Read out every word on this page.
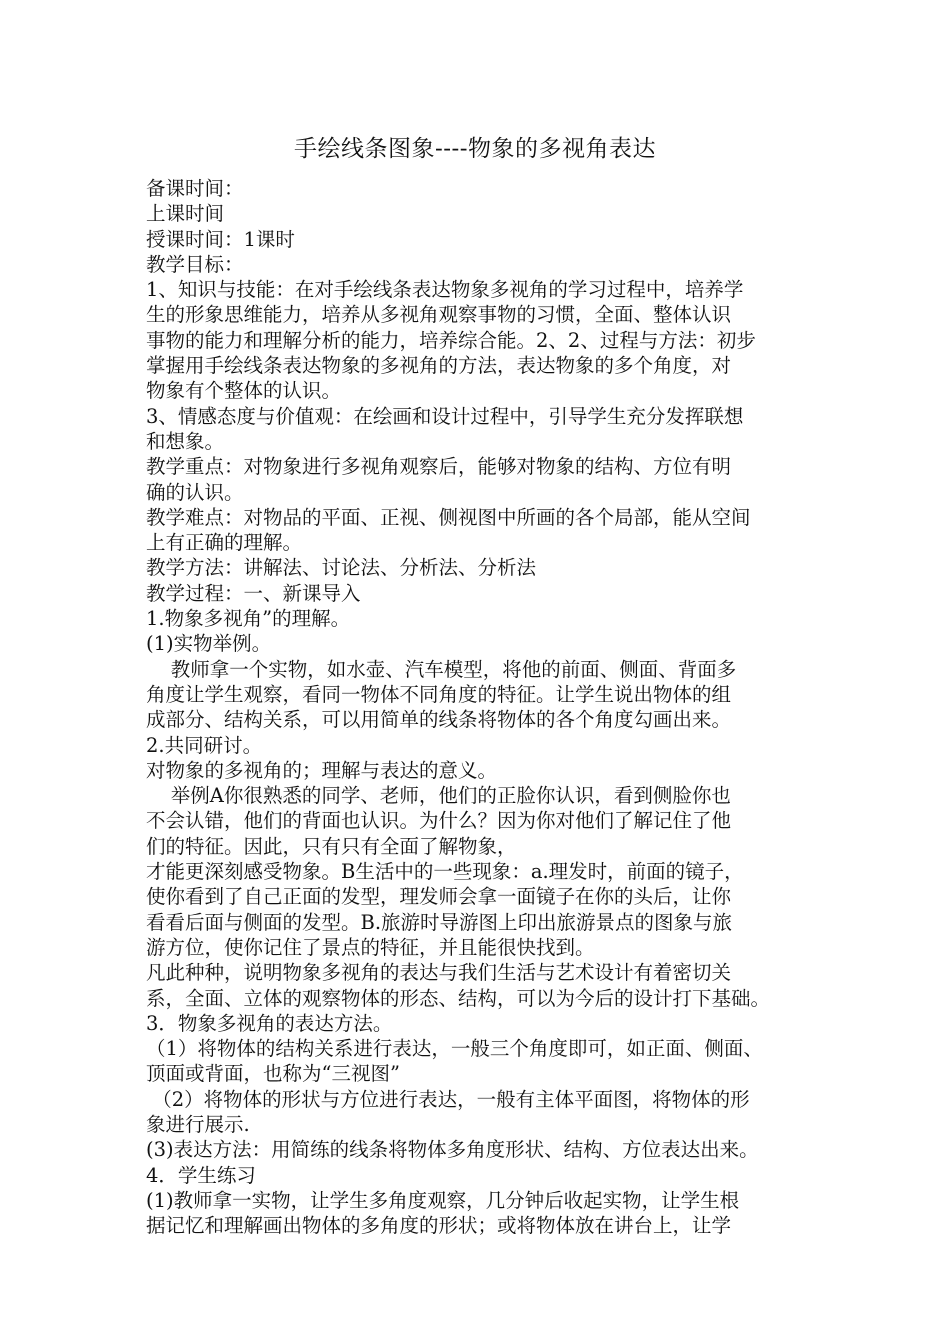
手绘线条图象----物象的多视角表达

备课时间：

上课时间

授课时间：1课时

教学目标：

1、知识与技能：在对手绘线条表达物象多视角的学习过程中，培养学

生的形象思维能力，培养从多视角观察事物的习惯，全面、整体认识

事物的能力和理解分析的能力，培养综合能。2、2、过程与方法：初步

掌握用手绘线条表达物象的多视角的方法，表达物象的多个角度，对

物象有个整体的认识。

3、情感态度与价值观：在绘画和设计过程中，引导学生充分发挥联想

和想象。

教学重点：对物象进行多视角观察后，能够对物象的结构、方位有明

确的认识。

教学难点：对物品的平面、正视、侧视图中所画的各个局部，能从空间

上有正确的理解。

教学方法：讲解法、讨论法、分析法、分析法

教学过程：一、新课导入

1.物象多视角”的理解。

(1)实物举例。

教师拿一个实物，如水壶、汽车模型，将他的前面、侧面、背面多

角度让学生观察，看同一物体不同角度的特征。让学生说出物体的组

成部分、结构关系，可以用简单的线条将物体的各个角度勾画出来。

2.共同研讨。

对物象的多视角的；理解与表达的意义。

举例A你很熟悉的同学、老师，他们的正脸你认识，看到侧脸你也

不会认错，他们的背面也认识。为什么？因为你对他们了解记住了他

们的特征。因此，只有只有全面了解物象，

才能更深刻感受物象。B生活中的一些现象：a.理发时，前面的镜子，

使你看到了自己正面的发型，理发师会拿一面镜子在你的头后，让你

看看后面与侧面的发型。B.旅游时导游图上印出旅游景点的图象与旅

游方位，使你记住了景点的特征，并且能很快找到。

凡此种种，说明物象多视角的表达与我们生活与艺术设计有着密切关

系，全面、立体的观察物体的形态、结构，可以为今后的设计打下基础。

3．物象多视角的表达方法。

（1）将物体的结构关系进行表达，一般三个角度即可，如正面、侧面、

顶面或背面，也称为“三视图”

（2）将物体的形状与方位进行表达，一般有主体平面图，将物体的形

象进行展示.

(3)表达方法：用简练的线条将物体多角度形状、结构、方位表达出来。

4．学生练习

(1)教师拿一实物，让学生多角度观察，几分钟后收起实物，让学生根

据记忆和理解画出物体的多角度的形状；或将物体放在讲台上，让学
